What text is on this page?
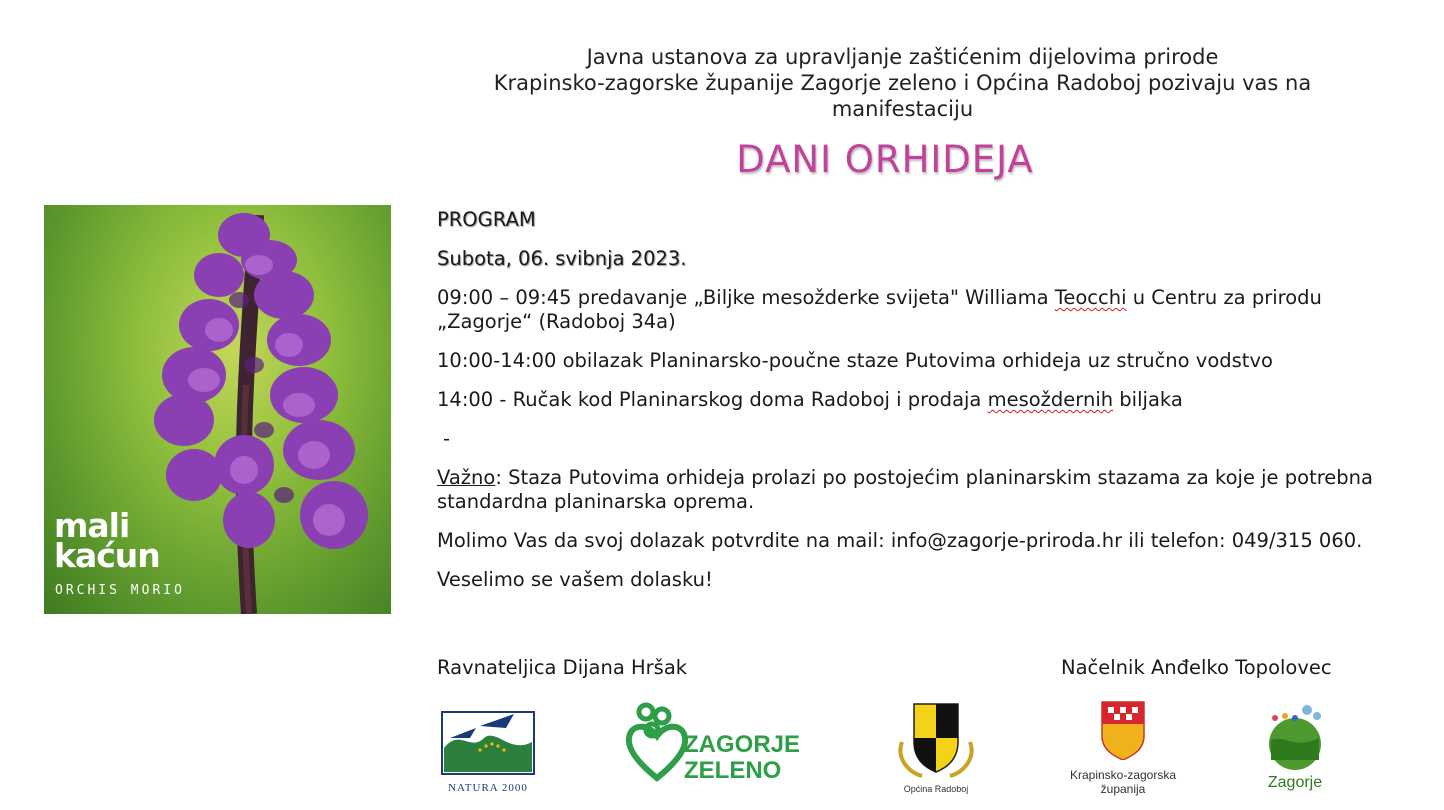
Javna ustanova za upravljanje zaštićenim dijelovima prirode
Krapinsko-zagorske županije Zagorje zeleno i Općina Radoboj pozivaju vas na
manifestaciju
DANI ORHIDEJA
mali
kaćun
ORCHIS MORIO

PROGRAM

Subota, 06. svibnja 2023.

09:00 – 09:45 predavanje „Biljke mesožderke svijeta" Williama Teocchi u Centru za prirodu „Zagorje“ (Radoboj 34a)

10:00-14:00 obilazak Planinarsko-poučne staze Putovima orhideja uz stručno vodstvo

14:00 - Ručak kod Planinarskog doma Radoboj i prodaja mesoždernih biljaka

-

Važno: Staza Putovima orhideja prolazi po postojećim planinarskim stazama za koje je potrebna standardna planinarska oprema.

Molimo Vas da svoj dolazak potvrdite na mail: info@zagorje-priroda.hr ili telefon: 049/315 060.

Veselimo se vašem dolasku!

Ravnateljica Dijana Hršak	Načelnik Anđelko Topolovec
NATURA 2000
ZAGORJE
ZELENO
Općina Radoboj
Krapinsko-zagorska
županija	Zagorje
